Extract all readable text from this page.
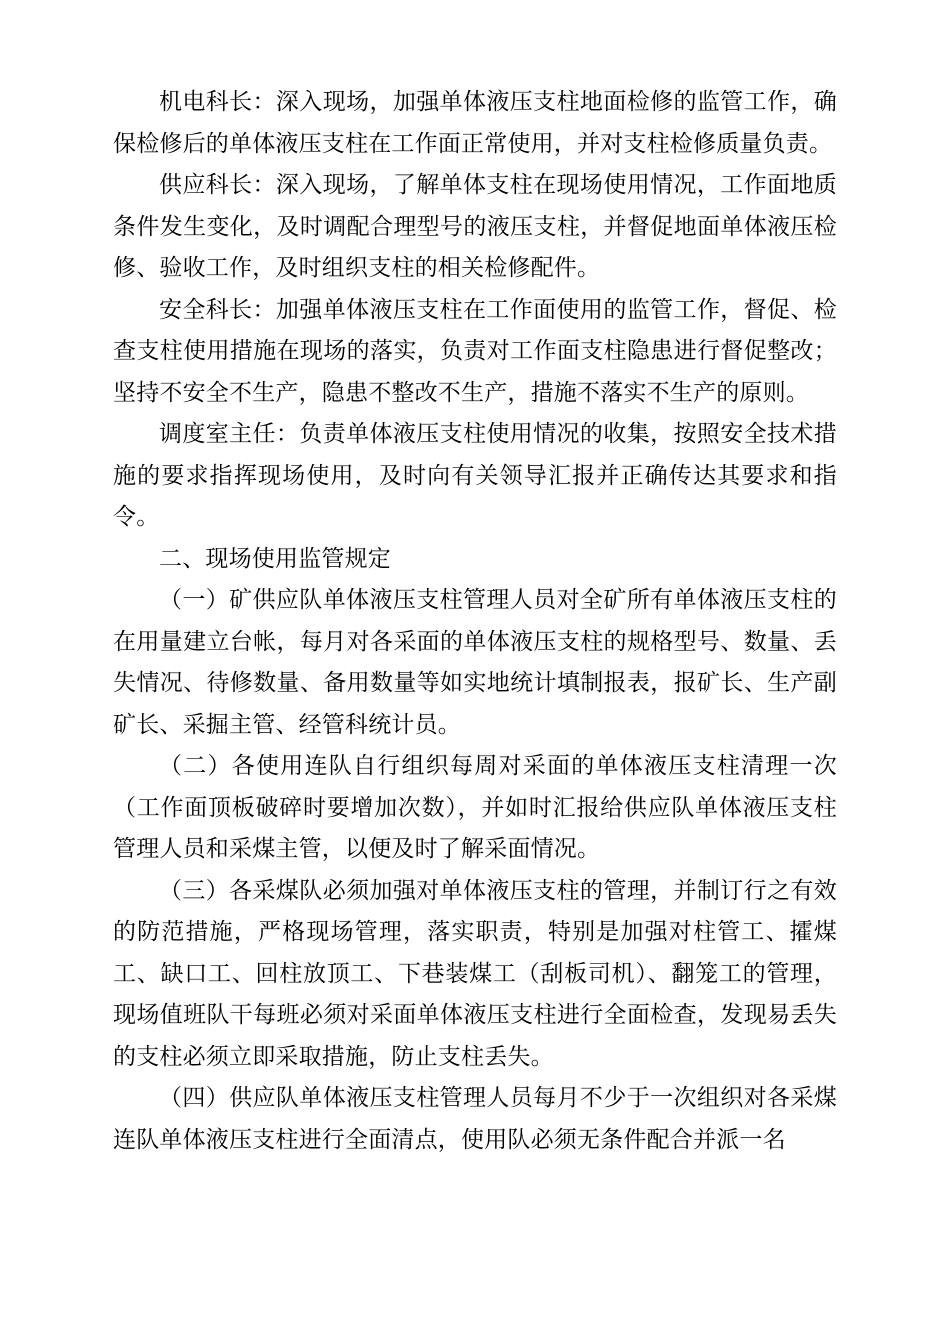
机电科长：深入现场，加强单体液压支柱地面检修的监管工作，确保检修后的单体液压支柱在工作面正常使用，并对支柱检修质量负责。

供应科长：深入现场，了解单体支柱在现场使用情况，工作面地质条件发生变化，及时调配合理型号的液压支柱，并督促地面单体液压检修、验收工作，及时组织支柱的相关检修配件。

安全科长：加强单体液压支柱在工作面使用的监管工作，督促、检查支柱使用措施在现场的落实，负责对工作面支柱隐患进行督促整改；坚持不安全不生产，隐患不整改不生产，措施不落实不生产的原则。

调度室主任：负责单体液压支柱使用情况的收集，按照安全技术措施的要求指挥现场使用，及时向有关领导汇报并正确传达其要求和指令。

二、现场使用监管规定

（一）矿供应队单体液压支柱管理人员对全矿所有单体液压支柱的在用量建立台帐，每月对各采面的单体液压支柱的规格型号、数量、丢失情况、待修数量、备用数量等如实地统计填制报表，报矿长、生产副矿长、采掘主管、经管科统计员。

（二）各使用连队自行组织每周对采面的单体液压支柱清理一次（工作面顶板破碎时要增加次数），并如时汇报给供应队单体液压支柱管理人员和采煤主管，以便及时了解采面情况。

（三）各采煤队必须加强对单体液压支柱的管理，并制订行之有效的防范措施，严格现场管理，落实职责，特别是加强对柱管工、攉煤工、缺口工、回柱放顶工、下巷装煤工（刮板司机）、翻笼工的管理，现场值班队干每班必须对采面单体液压支柱进行全面检查，发现易丢失的支柱必须立即采取措施，防止支柱丢失。

（四）供应队单体液压支柱管理人员每月不少于一次组织对各采煤连队单体液压支柱进行全面清点，使用队必须无条件配合并派一名
